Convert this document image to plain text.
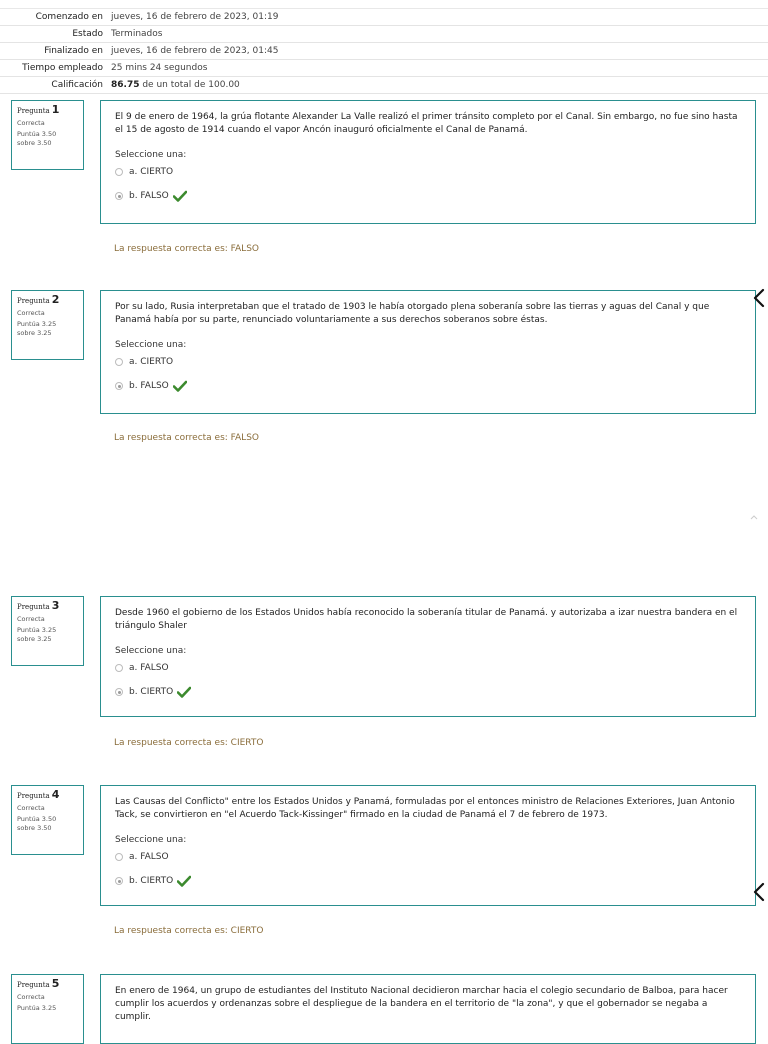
Comenzado en jueves, 16 de febrero de 2023, 01:19
Estado Terminados
Finalizado en jueves, 16 de febrero de 2023, 01:45
Tiempo empleado 25 mins 24 segundos
Calificación 86.75 de un total de 100.00
Pregunta 1
Correcta
Puntúa 3.50
sobre 3.50
El 9 de enero de 1964, la grúa flotante Alexander La Valle realizó el primer tránsito completo por el Canal. Sin embargo, no fue sino hasta el 15 de agosto de 1914 cuando el vapor Ancón inauguró oficialmente el Canal de Panamá.
Seleccione una:
a. CIERTO
b. FALSO
La respuesta correcta es: FALSO
Pregunta 2
Correcta
Puntúa 3.25
sobre 3.25
Por su lado, Rusia interpretaban que el tratado de 1903 le había otorgado plena soberanía sobre las tierras y aguas del Canal y que Panamá había por su parte, renunciado voluntariamente a sus derechos soberanos sobre éstas.
Seleccione una:
a. CIERTO
b. FALSO
La respuesta correcta es: FALSO
Pregunta 3
Correcta
Puntúa 3.25
sobre 3.25
Desde 1960 el gobierno de los Estados Unidos había reconocido la soberanía titular de Panamá. y autorizaba a izar nuestra bandera en el triángulo Shaler
Seleccione una:
a. FALSO
b. CIERTO
La respuesta correcta es: CIERTO
Pregunta 4
Correcta
Puntúa 3.50
sobre 3.50
Las Causas del Conflicto" entre los Estados Unidos y Panamá, formuladas por el entonces ministro de Relaciones Exteriores, Juan Antonio Tack, se convirtieron en "el Acuerdo Tack-Kissinger" firmado en la ciudad de Panamá el 7 de febrero de 1973.
Seleccione una:
a. FALSO
b. CIERTO
La respuesta correcta es: CIERTO
Pregunta 5
Correcta
Puntúa 3.25
En enero de 1964, un grupo de estudiantes del Instituto Nacional decidieron marchar hacia el colegio secundario de Balboa, para hacer cumplir los acuerdos y ordenanzas sobre el despliegue de la bandera en el territorio de "la zona", y que el gobernador se negaba a cumplir.
